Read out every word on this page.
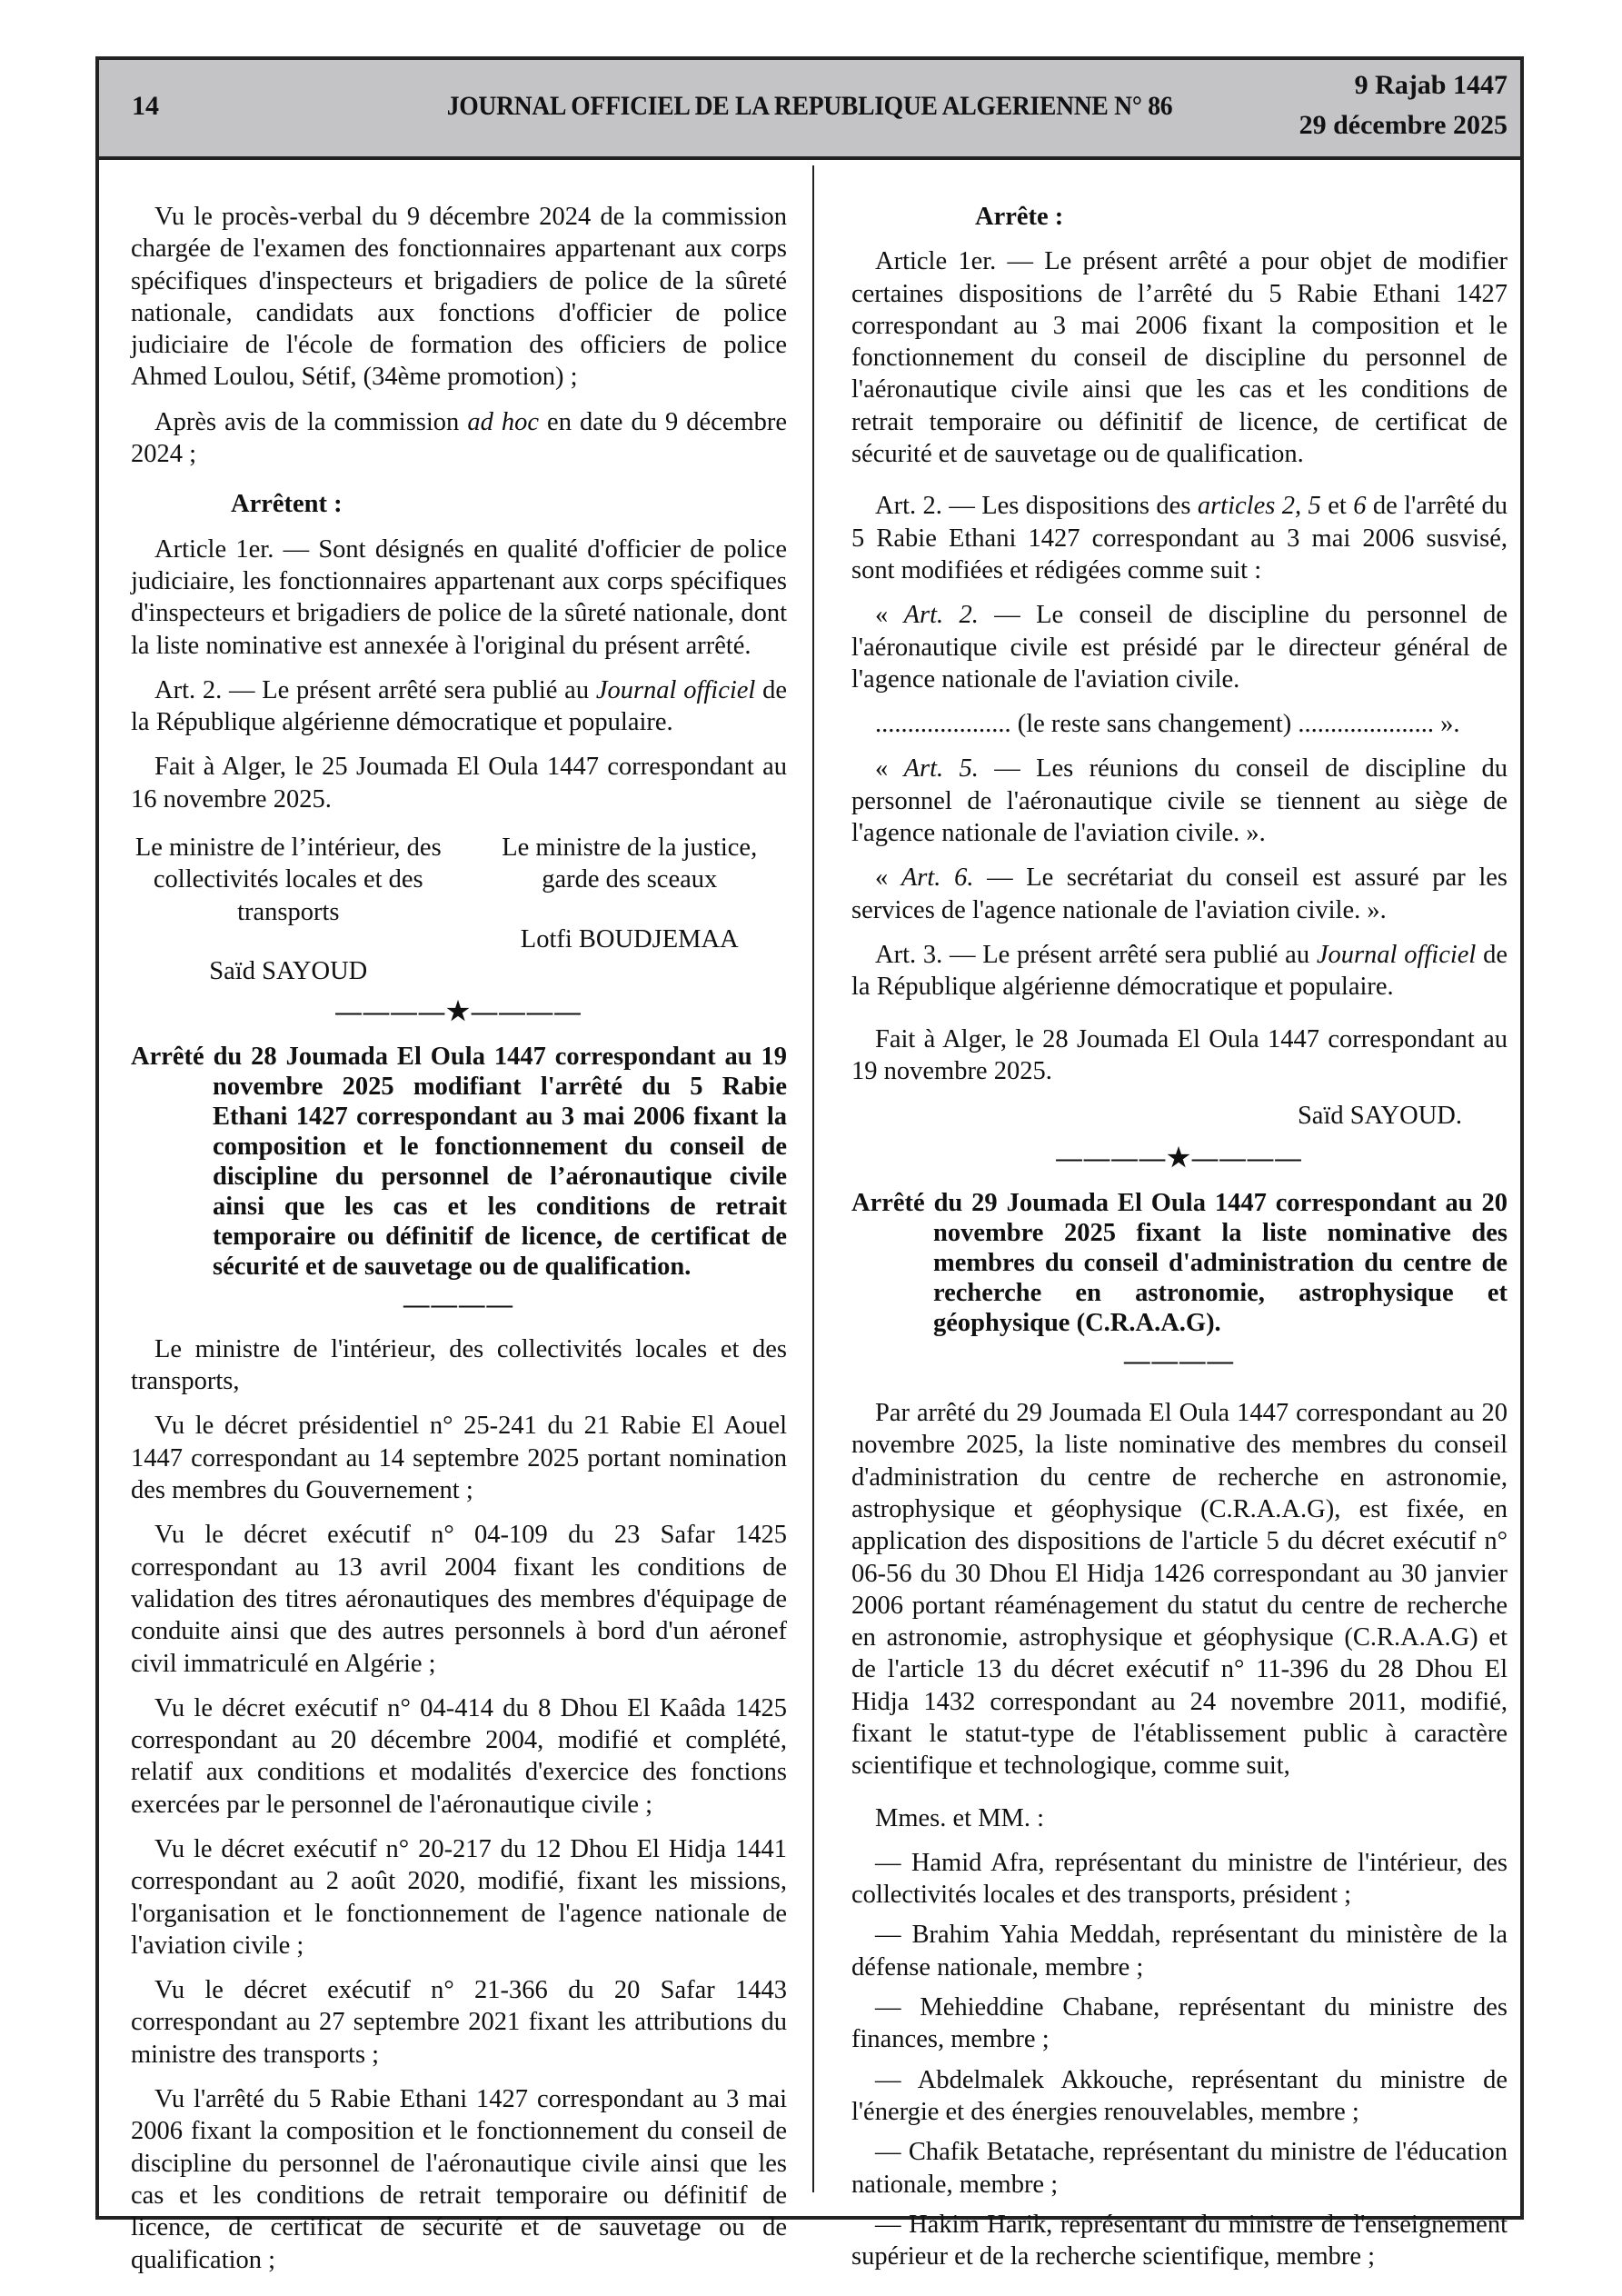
14	JOURNAL OFFICIEL DE LA REPUBLIQUE ALGERIENNE N° 86
9 Rajab 1447
29 décembre 2025
Vu le procès-verbal du 9 décembre 2024 de la commission chargée de l'examen des fonctionnaires appartenant aux corps spécifiques d'inspecteurs et brigadiers de police de la sûreté nationale, candidats aux fonctions d'officier de police judiciaire de l'école de formation des officiers de police Ahmed Loulou, Sétif, (34ème promotion) ;
Après avis de la commission ad hoc en date du 9 décembre 2024 ;
Arrêtent :
Article 1er. — Sont désignés en qualité d'officier de police judiciaire, les fonctionnaires appartenant aux corps spécifiques d'inspecteurs et brigadiers de police de la sûreté nationale, dont la liste nominative est annexée à l'original du présent arrêté.
Art. 2. — Le présent arrêté sera publié au Journal officiel de la République algérienne démocratique et populaire.
Fait à Alger, le 25 Joumada El Oula 1447 correspondant au 16 novembre 2025.
Le ministre de l’intérieur, des collectivités locales et des transports
Saïd SAYOUD
Le ministre de la justice, garde des sceaux
Lotfi BOUDJEMAA
————★————
Arrêté du 28 Joumada El Oula 1447 correspondant au 19 novembre 2025 modifiant l'arrêté du 5 Rabie Ethani 1427 correspondant au 3 mai 2006 fixant la composition et le fonctionnement du conseil de discipline du personnel de l’aéronautique civile ainsi que les cas et les conditions de retrait temporaire ou définitif de licence, de certificat de sécurité et de sauvetage ou de qualification.
————
Le ministre de l'intérieur, des collectivités locales et des transports,
Vu le décret présidentiel n° 25-241 du 21 Rabie El Aouel 1447 correspondant au 14 septembre 2025 portant nomination des membres du Gouvernement ;
Vu le décret exécutif n° 04-109 du 23 Safar 1425 correspondant au 13 avril 2004 fixant les conditions de validation des titres aéronautiques des membres d'équipage de conduite ainsi que des autres personnels à bord d'un aéronef civil immatriculé en Algérie ;
Vu le décret exécutif n° 04-414 du 8 Dhou El Kaâda 1425 correspondant au 20 décembre 2004, modifié et complété, relatif aux conditions et modalités d'exercice des fonctions exercées par le personnel de l'aéronautique civile ;
Vu le décret exécutif n° 20-217 du 12 Dhou El Hidja 1441 correspondant au 2 août 2020, modifié, fixant les missions, l'organisation et le fonctionnement de l'agence nationale de l'aviation civile ;
Vu le décret exécutif n° 21-366 du 20 Safar 1443 correspondant au 27 septembre 2021 fixant les attributions du ministre des transports ;
Vu l'arrêté du 5 Rabie Ethani 1427 correspondant au 3 mai 2006 fixant la composition et le fonctionnement du conseil de discipline du personnel de l'aéronautique civile ainsi que les cas et les conditions de retrait temporaire ou définitif de licence, de certificat de sécurité et de sauvetage ou de qualification ;
Arrête :
Article 1er. — Le présent arrêté a pour objet de modifier certaines dispositions de l’arrêté du 5 Rabie Ethani 1427 correspondant au 3 mai 2006 fixant la composition et le fonctionnement du conseil de discipline du personnel de l'aéronautique civile ainsi que les cas et les conditions de retrait temporaire ou définitif de licence, de certificat de sécurité et de sauvetage ou de qualification.
Art. 2. — Les dispositions des articles 2, 5 et 6 de l'arrêté du 5 Rabie Ethani 1427 correspondant au 3 mai 2006 susvisé, sont modifiées et rédigées comme suit :
« Art. 2. — Le conseil de discipline du personnel de l'aéronautique civile est présidé par le directeur général de l'agence nationale de l'aviation civile.
..................... (le reste sans changement) ..................... ».
« Art. 5. — Les réunions du conseil de discipline du personnel de l'aéronautique civile se tiennent au siège de l'agence nationale de l'aviation civile. ».
« Art. 6. — Le secrétariat du conseil est assuré par les services de l'agence nationale de l'aviation civile. ».
Art. 3. — Le présent arrêté sera publié au Journal officiel de la République algérienne démocratique et populaire.
Fait à Alger, le 28 Joumada El Oula 1447 correspondant au 19 novembre 2025.
Saïd SAYOUD.
————★————
Arrêté du 29 Joumada El Oula 1447 correspondant au 20 novembre 2025 fixant la liste nominative des membres du conseil d'administration du centre de recherche en astronomie, astrophysique et géophysique (C.R.A.A.G).
————
Par arrêté du 29 Joumada El Oula 1447 correspondant au 20 novembre 2025, la liste nominative des membres du conseil d'administration du centre de recherche en astronomie, astrophysique et géophysique (C.R.A.A.G), est fixée, en application des dispositions de l'article 5 du décret exécutif n° 06-56 du 30 Dhou El Hidja 1426 correspondant au 30 janvier 2006 portant réaménagement du statut du centre de recherche en astronomie, astrophysique et géophysique (C.R.A.A.G) et de l'article 13 du décret exécutif n° 11-396 du 28 Dhou El Hidja 1432 correspondant au 24 novembre 2011, modifié, fixant le statut-type de l'établissement public à caractère scientifique et technologique, comme suit,
Mmes. et MM. :
— Hamid Afra, représentant du ministre de l'intérieur, des collectivités locales et des transports, président ;
— Brahim Yahia Meddah, représentant du ministère de la défense nationale, membre ;
— Mehieddine Chabane, représentant du ministre des finances, membre ;
— Abdelmalek Akkouche, représentant du ministre de l'énergie et des énergies renouvelables, membre ;
— Chafik Betatache, représentant du ministre de l'éducation nationale, membre ;
— Hakim Harik, représentant du ministre de l'enseignement supérieur et de la recherche scientifique, membre ;
